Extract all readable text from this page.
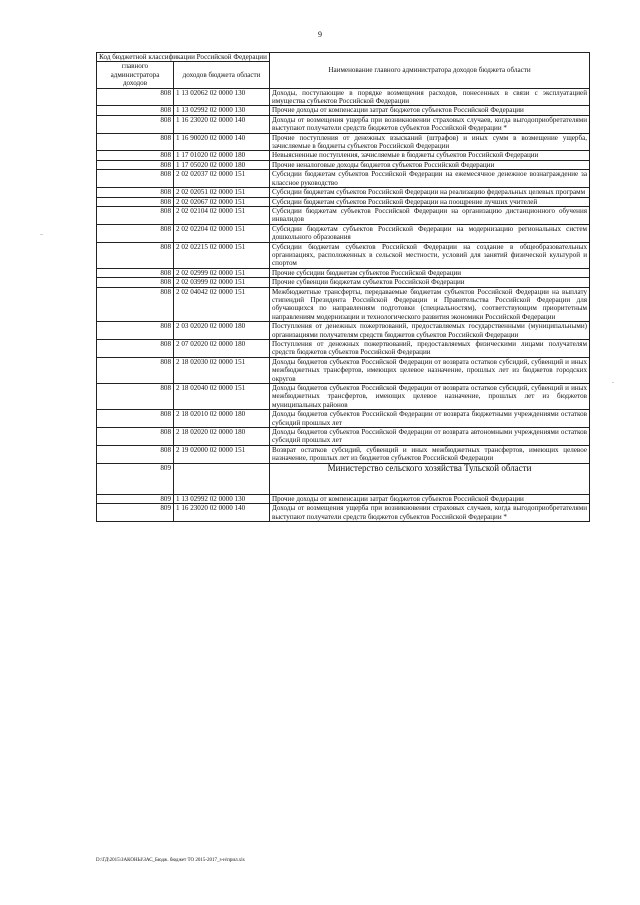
9
Код бюджетной классификации Российской Федерации		Наименование главного администратора доходов бюджета области
главного администратора доходов	доходов бюджета области	
808	1 13 02062 02 0000 130	Доходы, поступающие в порядке возмещения расходов, понесенных в связи с эксплуатацией имущества субъектов Российской Федерации
808	1 13 02992 02 0000 130	Прочие доходы от компенсации затрат бюджетов субъектов Российской Федерации
808	1 16 23020 02 0000 140	Доходы от возмещения ущерба при возникновении страховых случаев, когда выгодоприобретателями выступают получатели средств бюджетов субъектов Российской Федерации *
808	1 16 90020 02 0000 140	Прочие поступления от денежных взысканий (штрафов) и иных сумм в возмещение ущерба, зачисляемые в бюджеты субъектов Российской Федерации
808	1 17 01020 02 0000 180	Невыясненные поступления, зачисляемые в бюджеты субъектов Российской Федерации
808	1 17 05020 02 0000 180	Прочие неналоговые доходы бюджетов субъектов Российской Федерации
808	2 02 02037 02 0000 151	Субсидии бюджетам субъектов Российской Федерации на ежемесячное денежное вознаграждение за классное руководство
808	2 02 02051 02 0000 151	Субсидии бюджетам субъектов Российской Федерации на реализацию федеральных целевых программ
808	2 02 02067 02 0000 151	Субсидии бюджетам субъектов Российской Федерации на поощрение лучших учителей
808	2 02 02104 02 0000 151	Субсидии бюджетам субъектов Российской Федерации на организацию дистанционного обучения инвалидов
808	2 02 02204 02 0000 151	Субсидии бюджетам субъектов Российской Федерации на модернизацию региональных систем дошкольного образования
808	2 02 02215 02 0000 151	Субсидии бюджетам субъектов Российской Федерации на создание в общеобразовательных организациях, расположенных в сельской местности, условий для занятий физической культурой и спортом
808	2 02 02999 02 0000 151	Прочие субсидии бюджетам субъектов Российской Федерации
808	2 02 03999 02 0000 151	Прочие субвенции бюджетам субъектов Российской Федерации
808	2 02 04042 02 0000 151	Межбюджетные трансферты, передаваемые бюджетам субъектов Российской Федерации на выплату стипендий Президента Российской Федерации и Правительства Российской Федерации для обучающихся по направлениям подготовки (специальностям), соответствующим приоритетным направлениям модернизации и технологического развития экономики Российской Федерации
808	2 03 02020 02 0000 180	Поступления от денежных пожертвований, предоставляемых государственными (муниципальными) организациями получателям средств бюджетов субъектов Российской Федерации
808	2 07 02020 02 0000 180	Поступления от денежных пожертвований, предоставляемых физическими лицами получателям средств бюджетов субъектов Российской Федерации
808	2 18 02030 02 0000 151	Доходы бюджетов субъектов Российской Федерации от возврата остатков субсидий, субвенций и иных межбюджетных трансфертов, имеющих целевое назначение, прошлых лет из бюджетов городских округов
808	2 18 02040 02 0000 151	Доходы бюджетов субъектов Российской Федерации от возврата остатков субсидий, субвенций и иных межбюджетных трансфертов, имеющих целевое назначение, прошлых лет из бюджетов муниципальных районов
808	2 18 02010 02 0000 180	Доходы бюджетов субъектов Российской Федерации от возврата бюджетными учреждениями остатков субсидий прошлых лет
808	2 18 02020 02 0000 180	Доходы бюджетов субъектов Российской Федерации от возврата автономными учреждениями остатков субсидий прошлых лет
808	2 19 02000 02 0000 151	Возврат остатков субсидий, субвенций и иных межбюджетных трансфертов, имеющих целевое назначение, прошлых лет из бюджетов субъектов Российской Федерации
809		Министерство сельского хозяйства Тульской области
809	1 13 02992 02 0000 130	Прочие доходы от компенсации затрат бюджетов субъектов Российской Федерации
809	1 16 23020 02 0000 140	Доходы от возмещения ущерба при возникновении страховых случаев, когда выгодоприобретателями выступают получатели средств бюджетов субъектов Российской Федерации *
D:\ГД\2015\ЗАКОНЫ\ЗАС_Бюдж. бюджет ТО 2015-2017_з-н\прил.xls
-
–
